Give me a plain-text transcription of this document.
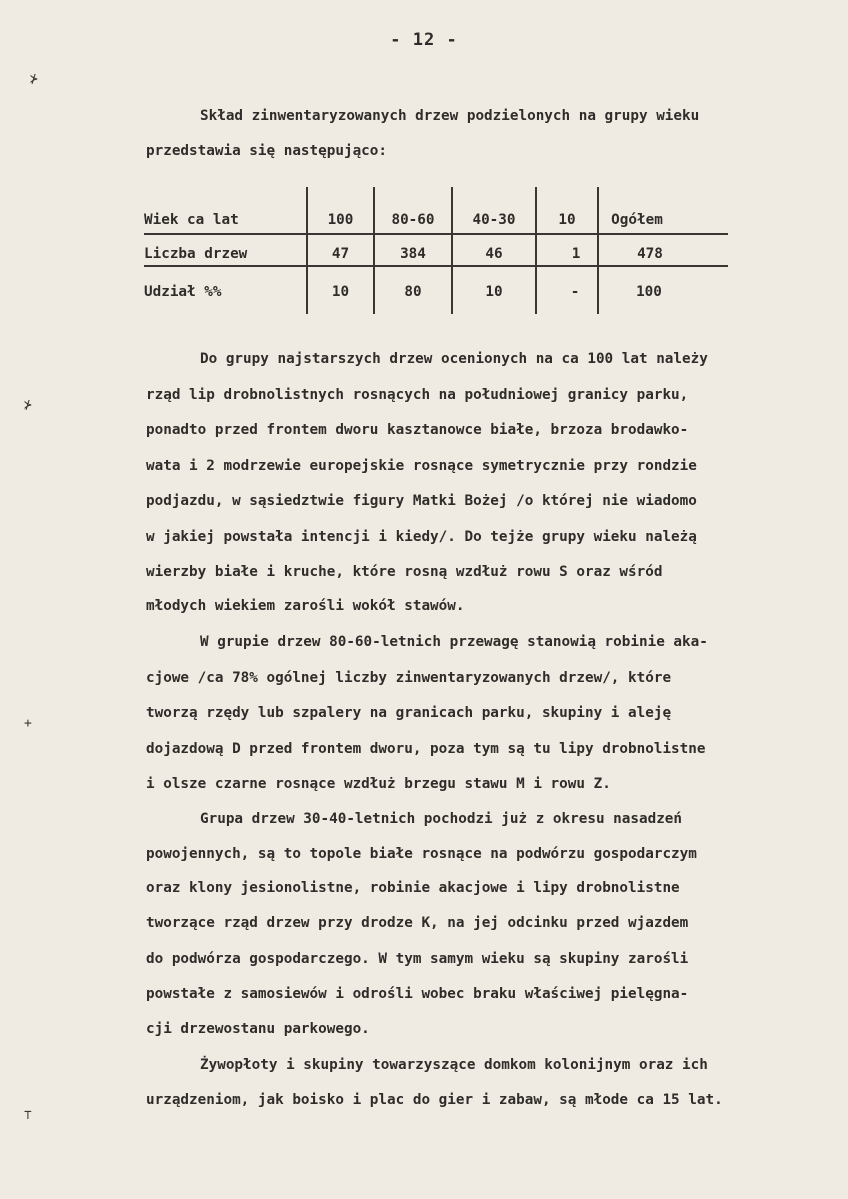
- 12 -
⊁
⊁
+
⊤
Skład zinwentaryzowanych drzew podzielonych na grupy wieku
przedstawia się następująco:
Wiek ca lat	100	80-60	40-30	10	Ogółem
Liczba drzew	47	384	46	1	478
Udział %%	10	80	10	-	100
Do grupy najstarszych drzew ocenionych na ca 100 lat należy
rząd lip drobnolistnych rosnących na południowej granicy parku,
ponadto przed frontem dworu kasztanowce białe, brzoza brodawko-
wata i 2 modrzewie europejskie rosnące symetrycznie przy rondzie
podjazdu, w sąsiedztwie figury Matki Bożej /o której nie wiadomo
w jakiej powstała intencji i kiedy/. Do tejże grupy wieku należą
wierzby białe i kruche, które rosną wzdłuż rowu S oraz wśród
młodych wiekiem zarośli wokół stawów.
W grupie drzew 80-60-letnich przewagę stanowią robinie aka-
cjowe /ca 78% ogólnej liczby zinwentaryzowanych drzew/, które
tworzą rzędy lub szpalery na granicach parku, skupiny i aleję
dojazdową D przed frontem dworu, poza tym są tu lipy drobnolistne
i olsze czarne rosnące wzdłuż brzegu stawu M i rowu Z.
Grupa drzew 30-40-letnich pochodzi już z okresu nasadzeń
powojennych, są to topole białe rosnące na podwórzu gospodarczym
oraz klony jesionolistne, robinie akacjowe i lipy drobnolistne
tworzące rząd drzew przy drodze K, na jej odcinku przed wjazdem
do podwórza gospodarczego. W tym samym wieku są skupiny zarośli
powstałe z samosiewów i odrośli wobec braku właściwej pielęgna-
cji drzewostanu parkowego.
Żywopłoty i skupiny towarzyszące domkom kolonijnym oraz ich
urządzeniom, jak boisko i plac do gier i zabaw, są młode ca 15 lat.
